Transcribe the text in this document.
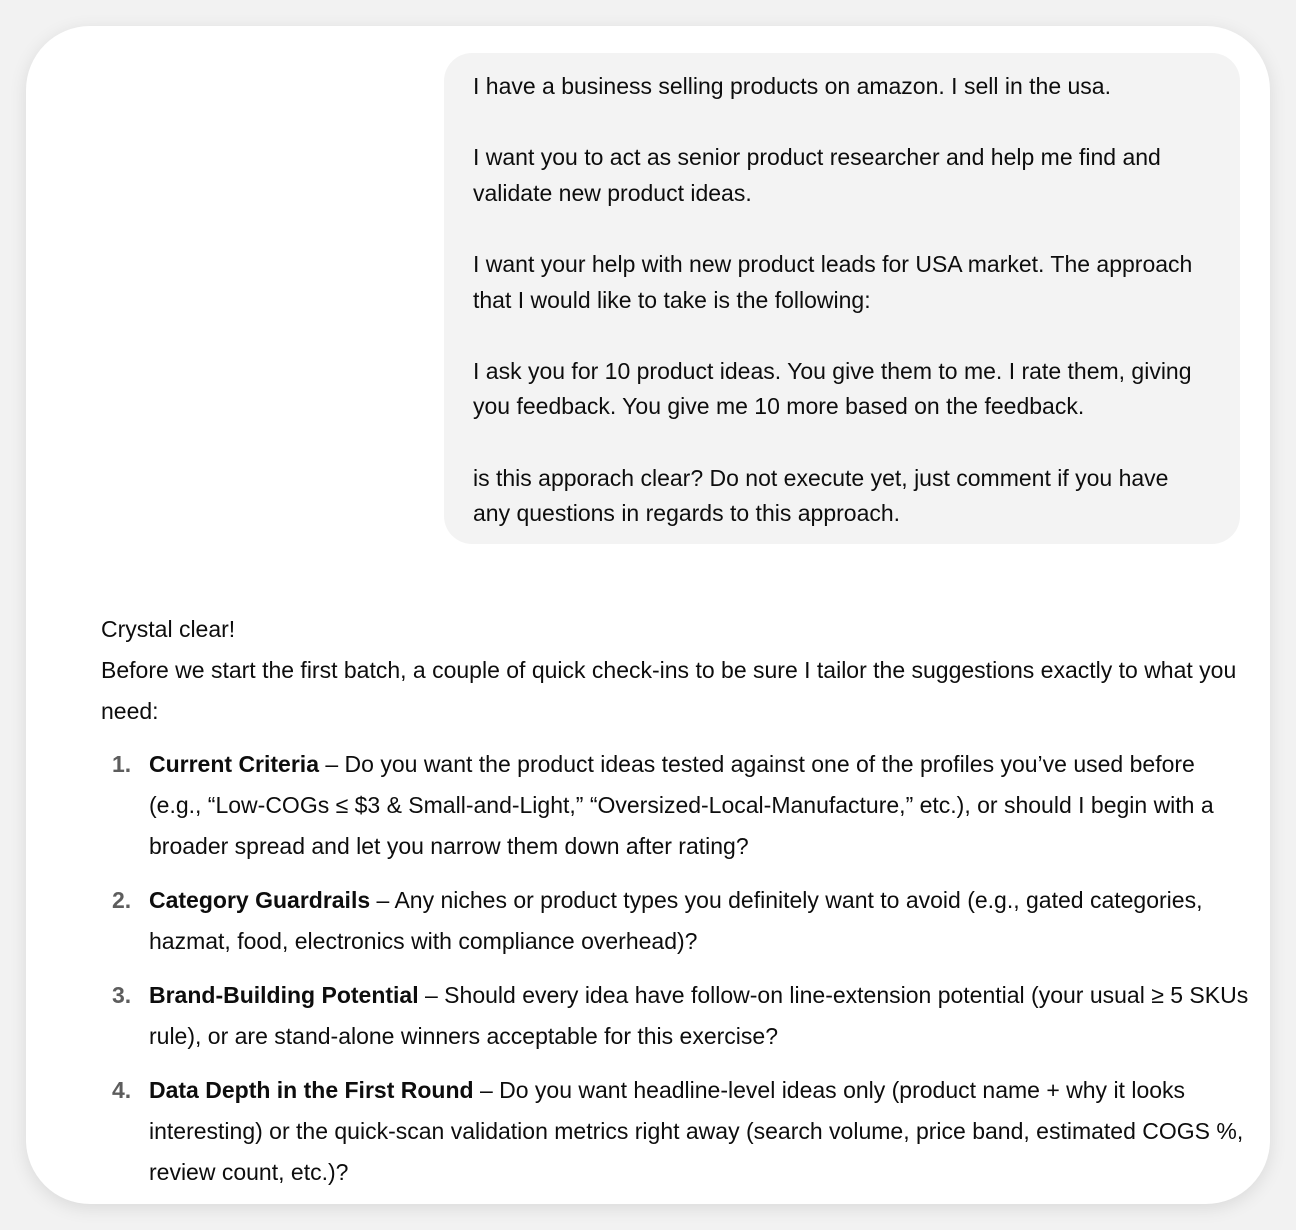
I have a business selling products on amazon. I sell in the usa.

I want you to act as senior product researcher and help me find and validate new product ideas.

I want your help with new product leads for USA market. The approach that I would like to take is the following:

I ask you for 10 product ideas. You give them to me. I rate them, giving you feedback. You give me 10 more based on the feedback.

is this apporach clear? Do not execute yet, just comment if you have any questions in regards to this approach.

Crystal clear!

Before we start the first batch, a couple of quick check-ins to be sure I tailor the suggestions exactly to what you need:

1. Current Criteria – Do you want the product ideas tested against one of the profiles you’ve used before (e.g., “Low-COGs ≤ $3 & Small-and-Light,” “Oversized-Local-Manufacture,” etc.), or should I begin with a broader spread and let you narrow them down after rating?
2. Category Guardrails – Any niches or product types you definitely want to avoid (e.g., gated categories, hazmat, food, electronics with compliance overhead)?
3. Brand-Building Potential – Should every idea have follow-on line-extension potential (your usual ≥ 5 SKUs rule), or are stand-alone winners acceptable for this exercise?
4. Data Depth in the First Round – Do you want headline-level ideas only (product name + why it looks interesting) or the quick-scan validation metrics right away (search volume, price band, estimated COGS %, review count, etc.)?
